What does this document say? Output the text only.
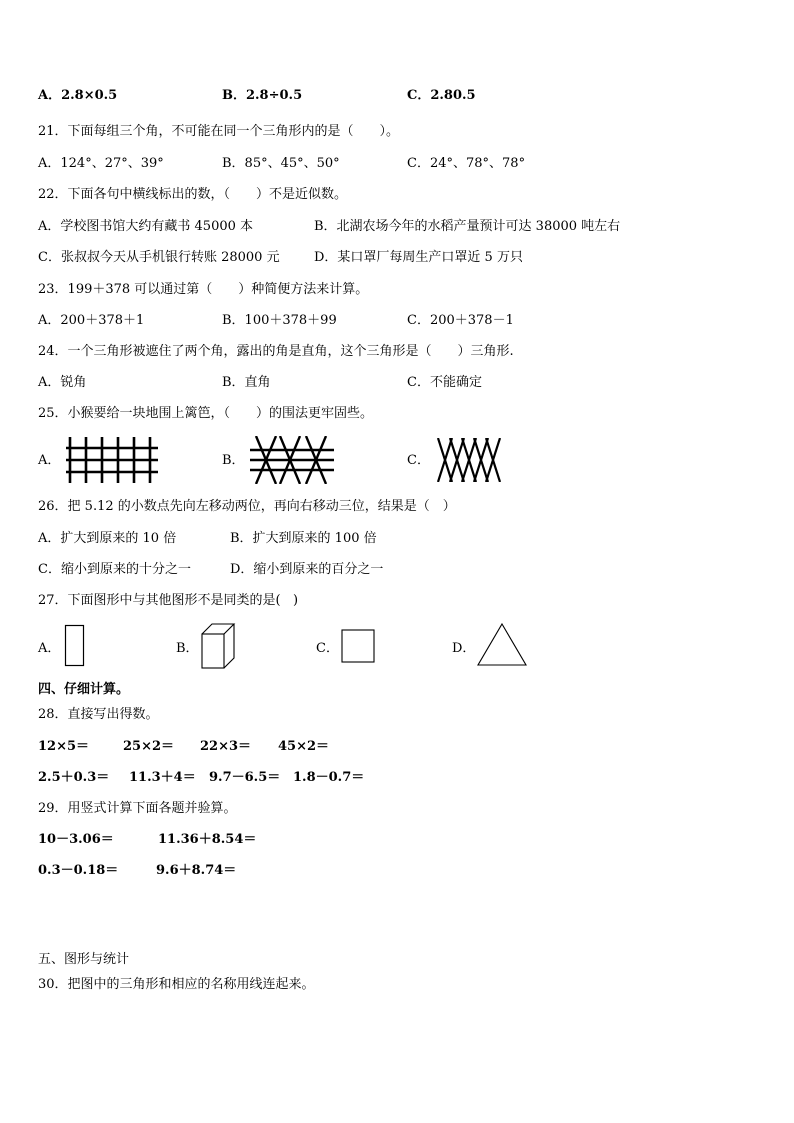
A．2.8×0.5	B．2.8÷0.5	C．2.80.5
21．下面每组三个角，不可能在同一个三角形内的是（　　）。
A．124°、27°、39°	B．85°、45°、50°	C．24°、78°、78°
22．下面各句中横线标出的数，（　　）不是近似数。
A．学校图书馆大约有藏书 45000 本	B．北湖农场今年的水稻产量预计可达 38000 吨左右
C．张叔叔今天从手机银行转账 28000 元	D．某口罩厂每周生产口罩近 5 万只
23．199＋378 可以通过第（　　）种简便方法来计算。
A．200＋378＋1	B．100＋378＋99	C．200＋378－1
24．一个三角形被遮住了两个角，露出的角是直角，这个三角形是（　　）三角形.
A．锐角	B．直角	C．不能确定
25．小猴要给一块地围上篱笆，（　　）的围法更牢固些。
A．	B．	C．
26．把 5.12 的小数点先向左移动两位，再向右移动三位，结果是（　）
A．扩大到原来的 10 倍	B．扩大到原来的 100 倍
C．缩小到原来的十分之一	D．缩小到原来的百分之一
27．下面图形中与其他图形不是同类的是(   )
A．	B．	C．	D．
四、仔细计算。
28．直接写出得数。
12×5＝	25×2＝ 22×3＝ 45×2＝
2.5＋0.3＝ 11.3＋4＝ 9.7－6.5＝ 1.8－0.7＝
29．用竖式计算下面各题并验算。
10－3.06＝	11.36＋8.54＝
0.3－0.18＝	9.6＋8.74＝
五、图形与统计
30．把图中的三角形和相应的名称用线连起来。
